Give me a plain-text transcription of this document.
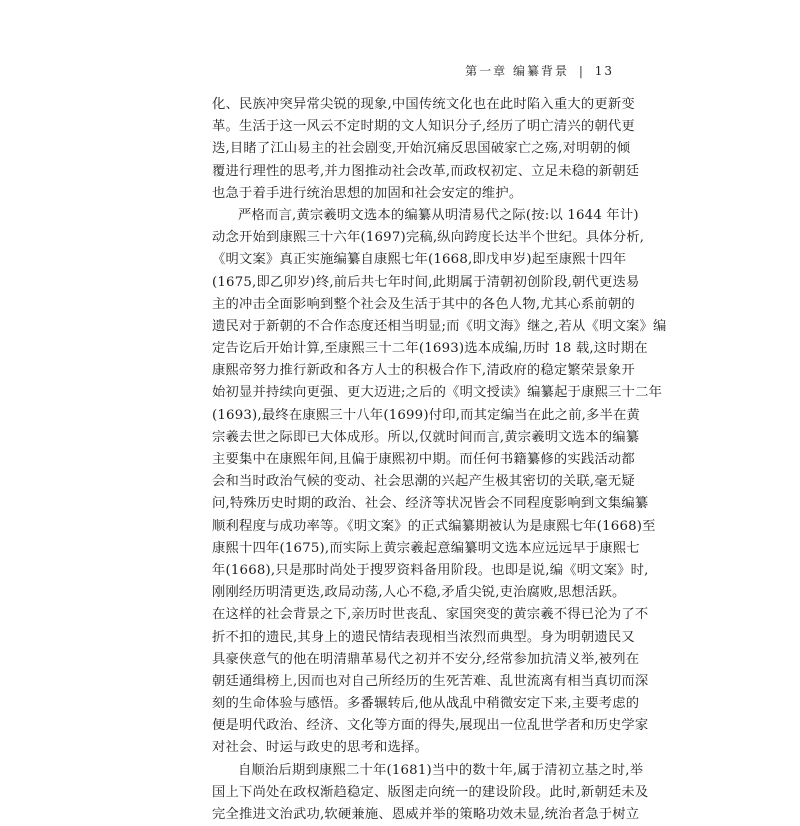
第一章 编纂背景 | 13
化、民族冲突异常尖锐的现象,中国传统文化也在此时陷入重大的更新变
革。生活于这一风云不定时期的文人知识分子,经历了明亡清兴的朝代更
迭,目睹了江山易主的社会剧变,开始沉痛反思国破家亡之殇,对明朝的倾
覆进行理性的思考,并力图推动社会改革,而政权初定、立足未稳的新朝廷
也急于着手进行统治思想的加固和社会安定的维护。
严格而言,黄宗羲明文选本的编纂从明清易代之际(按:以 1644 年计)
动念开始到康熙三十六年(1697)完稿,纵向跨度长达半个世纪。具体分析,
《明文案》真正实施编纂自康熙七年(1668,即戊申岁)起至康熙十四年
(1675,即乙卯岁)终,前后共七年时间,此期属于清朝初创阶段,朝代更迭易
主的冲击全面影响到整个社会及生活于其中的各色人物,尤其心系前朝的
遗民对于新朝的不合作态度还相当明显;而《明文海》继之,若从《明文案》编
定告讫后开始计算,至康熙三十二年(1693)选本成编,历时 18 载,这时期在
康熙帝努力推行新政和各方人士的积极合作下,清政府的稳定繁荣景象开
始初显并持续向更强、更大迈进;之后的《明文授读》编纂起于康熙三十二年
(1693),最终在康熙三十八年(1699)付印,而其定编当在此之前,多半在黄
宗羲去世之际即已大体成形。所以,仅就时间而言,黄宗羲明文选本的编纂
主要集中在康熙年间,且偏于康熙初中期。而任何书籍纂修的实践活动都
会和当时政治气候的变动、社会思潮的兴起产生极其密切的关联,毫无疑
问,特殊历史时期的政治、社会、经济等状况皆会不同程度影响到文集编纂
顺利程度与成功率等。《明文案》的正式编纂期被认为是康熙七年(1668)至
康熙十四年(1675),而实际上黄宗羲起意编纂明文选本应远远早于康熙七
年(1668),只是那时尚处于搜罗资料备用阶段。也即是说,编《明文案》时,
刚刚经历明清更迭,政局动荡,人心不稳,矛盾尖锐,吏治腐败,思想活跃。
在这样的社会背景之下,亲历时世丧乱、家国突变的黄宗羲不得已沦为了不
折不扣的遗民,其身上的遗民情结表现相当浓烈而典型。身为明朝遗民又
具豪侠意气的他在明清鼎革易代之初并不安分,经常参加抗清义举,被列在
朝廷通缉榜上,因而也对自己所经历的生死苦难、乱世流离有相当真切而深
刻的生命体验与感悟。多番辗转后,他从战乱中稍微安定下来,主要考虑的
便是明代政治、经济、文化等方面的得失,展现出一位乱世学者和历史学家
对社会、时运与政史的思考和选择。
自顺治后期到康熙二十年(1681)当中的数十年,属于清初立基之时,举
国上下尚处在政权渐趋稳定、版图走向统一的建设阶段。此时,新朝廷未及
完全推进文治武功,软硬兼施、恩威并举的策略功效未显,统治者急于树立
